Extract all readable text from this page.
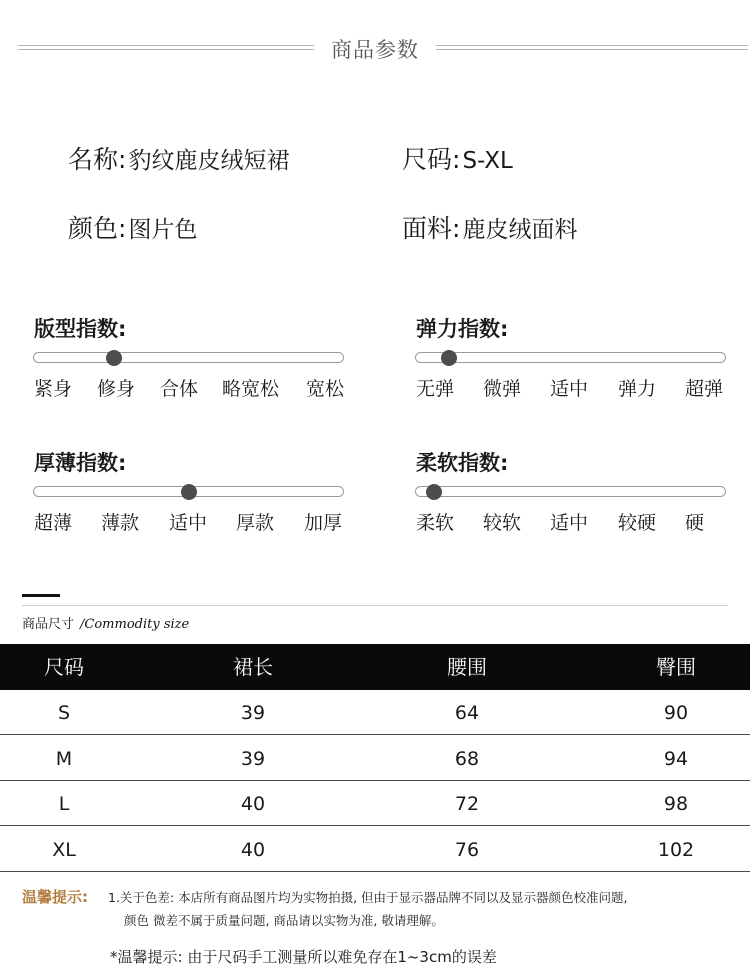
商品参数
名称:豹纹鹿皮绒短裙	尺码:S-XL
颜色:图片色	面料:鹿皮绒面料
版型指数:
紧身 修身 合体 略宽松 宽松
弹力指数:
无弹 微弹 适中 弹力 超弹
厚薄指数:
超薄 薄款 适中 厚款 加厚
柔软指数:
柔软 较软 适中 较硬 硬
商品尺寸 /Commodity size
尺码	裙长	腰围	臀围
S	39	64	90
M	39	68	94
L	40	72	98
XL	40	76	102
温馨提示: 1.关于色差: 本店所有商品图片均为实物拍摄, 但由于显示器品牌不同以及显示器颜色校准问题,
颜色 微差不属于质量问题, 商品请以实物为准, 敬请理解。
*温馨提示: 由于尺码手工测量所以难免存在1~3cm的误差
